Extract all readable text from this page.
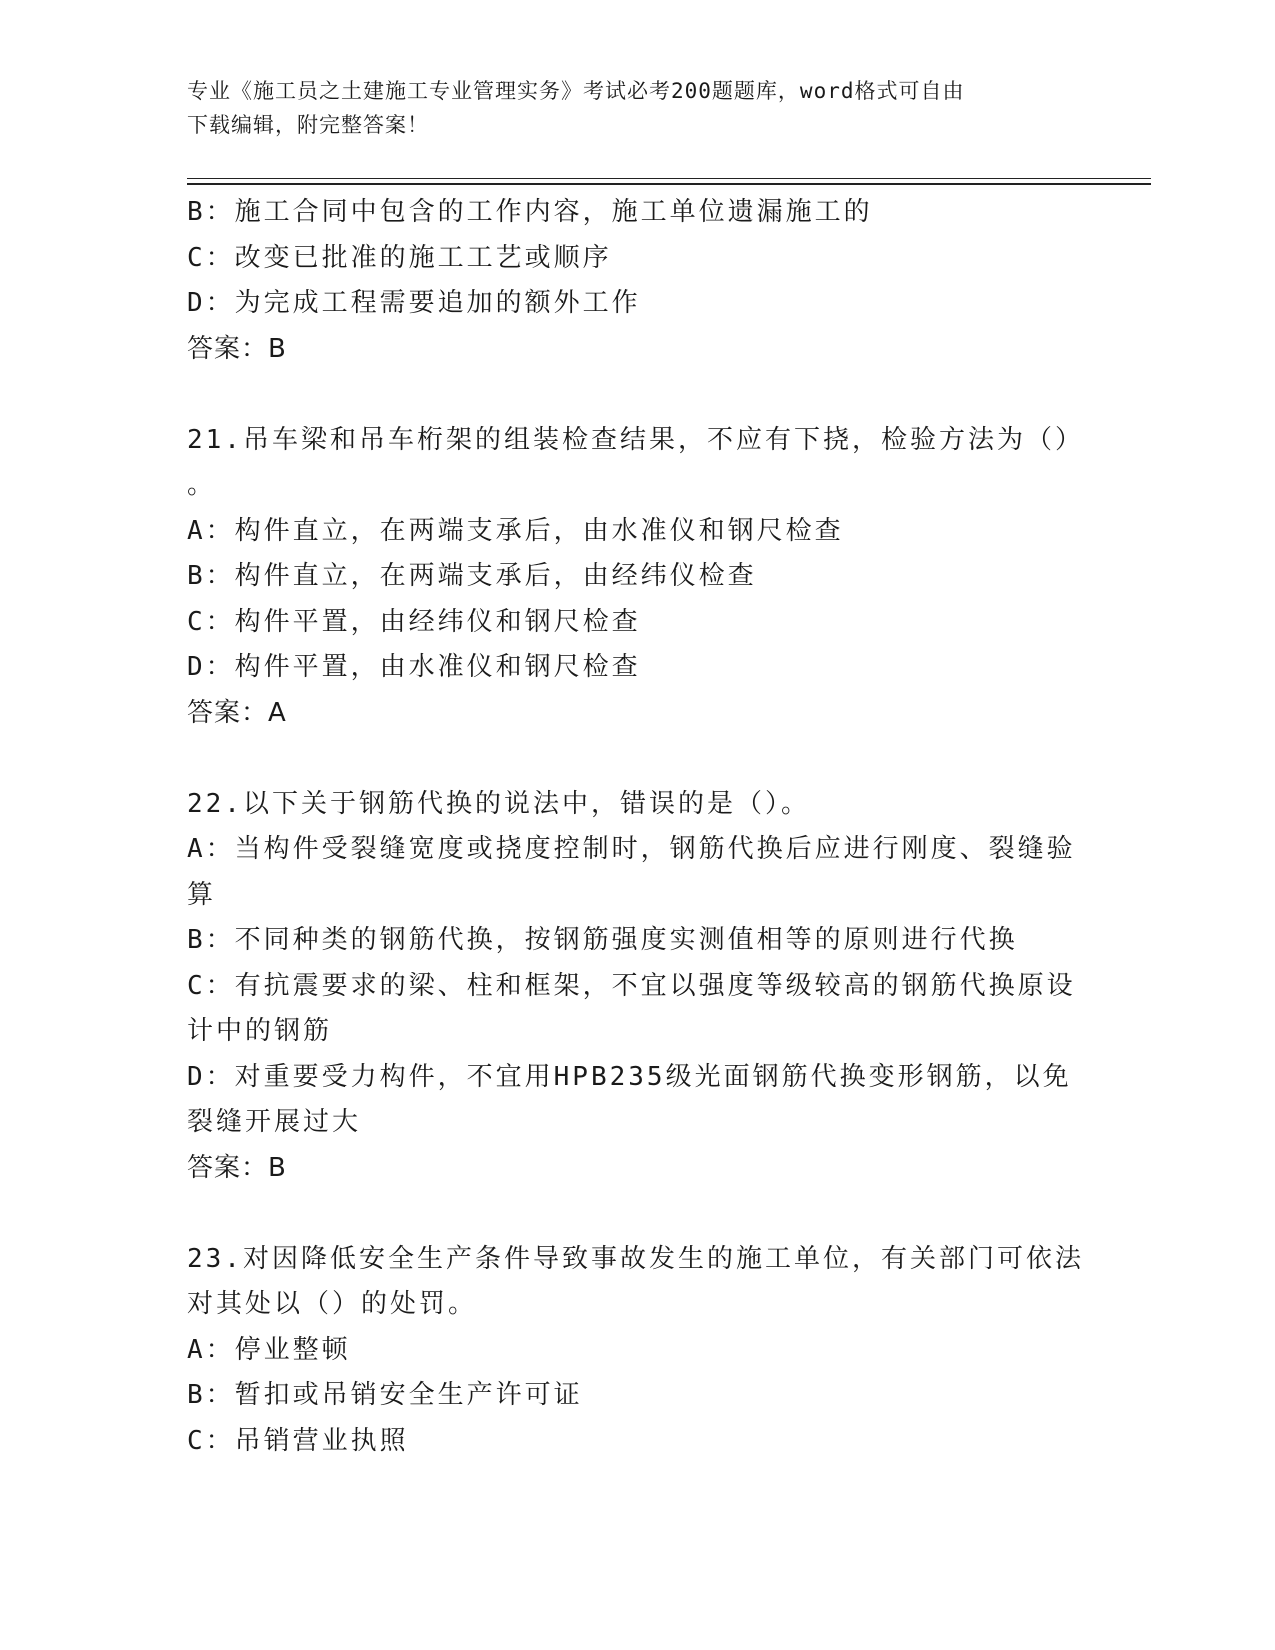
专业《施工员之土建施工专业管理实务》考试必考200题题库，word格式可自由
下载编辑，附完整答案！
B：施工合同中包含的工作内容，施工单位遗漏施工的
C：改变已批准的施工工艺或顺序
D：为完成工程需要追加的额外工作
答案：B
21.吊车梁和吊车桁架的组装检查结果，不应有下挠，检验方法为（）
。
A：构件直立，在两端支承后，由水准仪和钢尺检查
B：构件直立，在两端支承后，由经纬仪检查
C：构件平置，由经纬仪和钢尺检查
D：构件平置，由水准仪和钢尺检查
答案：A
22.以下关于钢筋代换的说法中，错误的是（）。
A：当构件受裂缝宽度或挠度控制时，钢筋代换后应进行刚度、裂缝验
算
B：不同种类的钢筋代换，按钢筋强度实测值相等的原则进行代换
C：有抗震要求的梁、柱和框架，不宜以强度等级较高的钢筋代换原设
计中的钢筋
D：对重要受力构件，不宜用HPB235级光面钢筋代换变形钢筋，以免
裂缝开展过大
答案：B
23.对因降低安全生产条件导致事故发生的施工单位，有关部门可依法
对其处以（）的处罚。
A：停业整顿
B：暂扣或吊销安全生产许可证
C：吊销营业执照
